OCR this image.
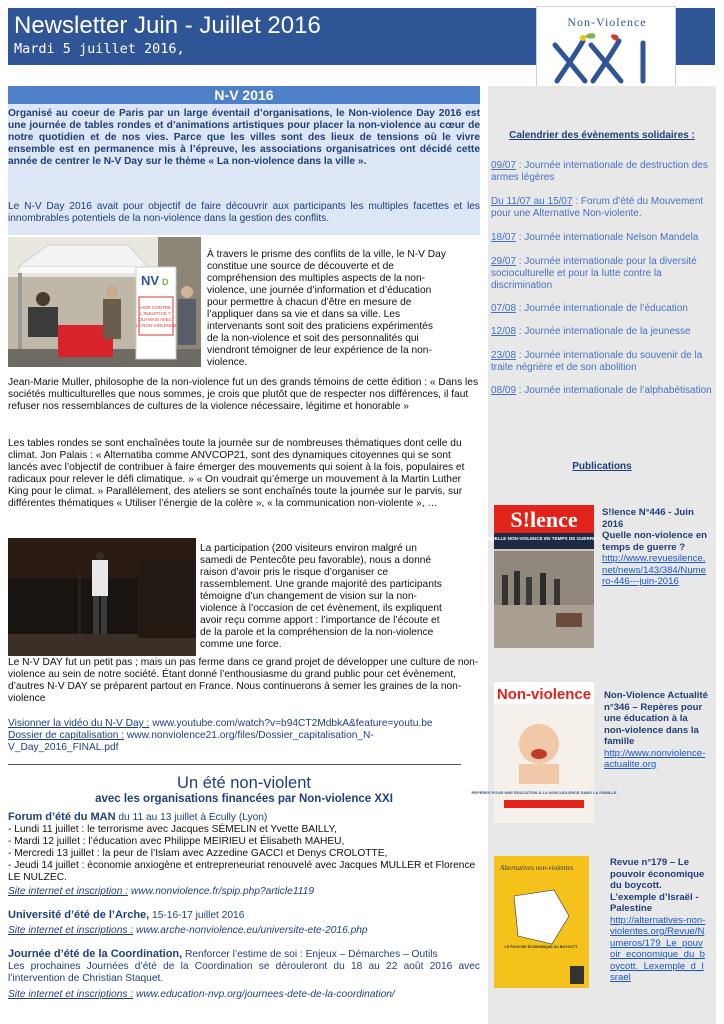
Newsletter Juin - Juillet 2016
Mardi 5 juillet 2016,
Non-Violence
N-V 2016
Organisé au coeur de Paris par un large éventail d’organisations, le Non-violence Day 2016 est une journée de tables rondes et d’animations artistiques pour placer la non-violence au cœur de notre quotidien et de nos vies. Parce que les villes sont des lieux de tensions où le vivre ensemble est en permanence mis à l’épreuve, les associations organisatrices ont décidé cette année de centrer le N-V Day sur le thème « La non-violence dans la ville ».
Le N-V Day 2016 avait pour objectif de faire découvrir aux participants les multiples facettes et les innombrables potentiels de la non-violence dans la gestion des conflits.
NV D
AGIR CONTRE L’INJUSTICE ? OUI MAIS AVEC LA NON-VIOLENCE
À travers le prisme des conflits de la ville, le N-V Day constitue une source de découverte et de compréhension des multiples aspects de la non-violence, une journée d’information et d’éducation pour permettre à chacun d’être en mesure de l’appliquer dans sa vie et dans sa ville. Les intervenants sont soit des praticiens expérimentés de la non-violence et soit des personnalités qui viendront témoigner de leur expérience de la non-violence.
Jean-Marie Muller, philosophe de la non-violence fut un des grands témoins de cette édition : « Dans les sociétés multiculturelles que nous sommes, je crois que plutôt que de respecter nos différences, il faut refuser nos ressemblances de cultures de la violence nécessaire, légitime et honorable »
Les tables rondes se sont enchaînées toute la journée sur de nombreuses thématiques dont celle du climat. Jon Palais : « Alternatiba comme ANVCOP21, sont des dynamiques citoyennes qui se sont lancés avec l’objectif de contribuer à faire émerger des mouvements qui soient à la fois, populaires et radicaux pour relever le défi climatique. » « On voudrait qu’émerge un mouvement à la Martin Luther King pour le climat. » Parallèlement, des ateliers se sont enchaînés toute la journée sur le parvis, sur différentes thématiques « Utiliser l’énergie de la colère », « la communication non-violente », …
La participation (200 visiteurs environ malgré un samedi de Pentecôte peu favorable), nous a donné raison d’avoir pris le risque d’organiser ce rassemblement. Une grande majorité des participants témoigne d’un changement de vision sur la non-violence à l’occasion de cet évènement, ils expliquent avoir reçu comme apport : l’importance de l’écoute et de la parole et la compréhension de la non-violence comme une force.
Le N-V DAY fut un petit pas ; mais un pas ferme dans ce grand projet de développer une culture de non-violence au sein de notre société. Étant donné l’enthousiasme du grand public pour cet évènement, d’autres N-V DAY se préparent partout en France. Nous continuerons à semer les graines de la non-violence
Visionner la vidéo du N-V Day : www.youtube.com/watch?v=b94CT2MdbkA&feature=youtu.be
Dossier de capitalisation : www.nonviolence21.org/files/Dossier_capitalisation_N-V_Day_2016_FINAL.pdf
Un été non-violent
avec les organisations financées par Non-violence XXI
Forum d’été du MAN du 11 au 13 juillet à Ecully (Lyon)
- Lundi 11 juillet : le terrorisme avec Jacques SÉMELIN et Yvette BAILLY,
- Mardi 12 juillet : l’éducation avec Philippe MEIRIEU et Élisabeth MAHEU,
- Mercredi 13 juillet : la peur de l’Islam avec Azzedine GACCI et Denys CROLOTTE,
- Jeudi 14 juillet : économie anxiogène et entrepreneuriat renouvelé avec Jacques MULLER et Florence LE NULZEC.
Site internet et inscription : www.nonviolence.fr/spip.php?article1119
Université d’été de l’Arche, 15-16-17 juillet 2016
Site internet et inscriptions : www.arche-nonviolence.eu/universite-ete-2016.php
Journée d’été de la Coordination, Renforcer l’estime de soi : Enjeux – Démarches – Outils
Les prochaines Journées d’été de la Coordination se dérouleront du 18 au 22 août 2016 avec l’intervention de Christian Staquet.
Site internet et inscriptions : www.education-nvp.org/journees-dete-de-la-coordination/
Calendrier des évènements solidaires :
09/07 : Journée internationale de destruction des armes légères
Du 11/07 au 15/07 : Forum d’été du Mouvement pour une Alternative Non-violente.
18/07 : Journée internationale Nelson Mandela
29/07 : Journée internationale pour la diversité socioculturelle et pour la lutte contre la discrimination
07/08 : Journée internationale de l’éducation
12/08 : Journée internationale de la jeunesse
23/08 : Journée internationale du souvenir de la traite négrière et de son abolition
08/09 : Journée internationale de l’alphabétisation
Publications
S!lence
QUELLE NON-VIOLENCE EN TEMPS DE GUERRE ?
S!lence N°446 - Juin 2016
Quelle non-violence en temps de guerre ?
http://www.revuesilence.net/news/143/384/Numero-446---juin-2016
Non-violence
REPÈRES POUR UNE ÉDUCATION À LA NON-VIOLENCE DANS LA FAMILLE
Non-Violence Actualité n°346 – Repères pour une éducation à la non-violence dans la famille
http://www.nonviolence-actualite.org
Alternatives non-violentes
LE POUVOIR ÉCONOMIQUE DU BOYCOTT
Revue n°179 – Le pouvoir économique du boycott. L’exemple d’Israël - Palestine
http://alternatives-non-violentes.org/Revue/Numeros/179_Le_pouvoir_economique_du_boycott._Lexemple_d_Israel
